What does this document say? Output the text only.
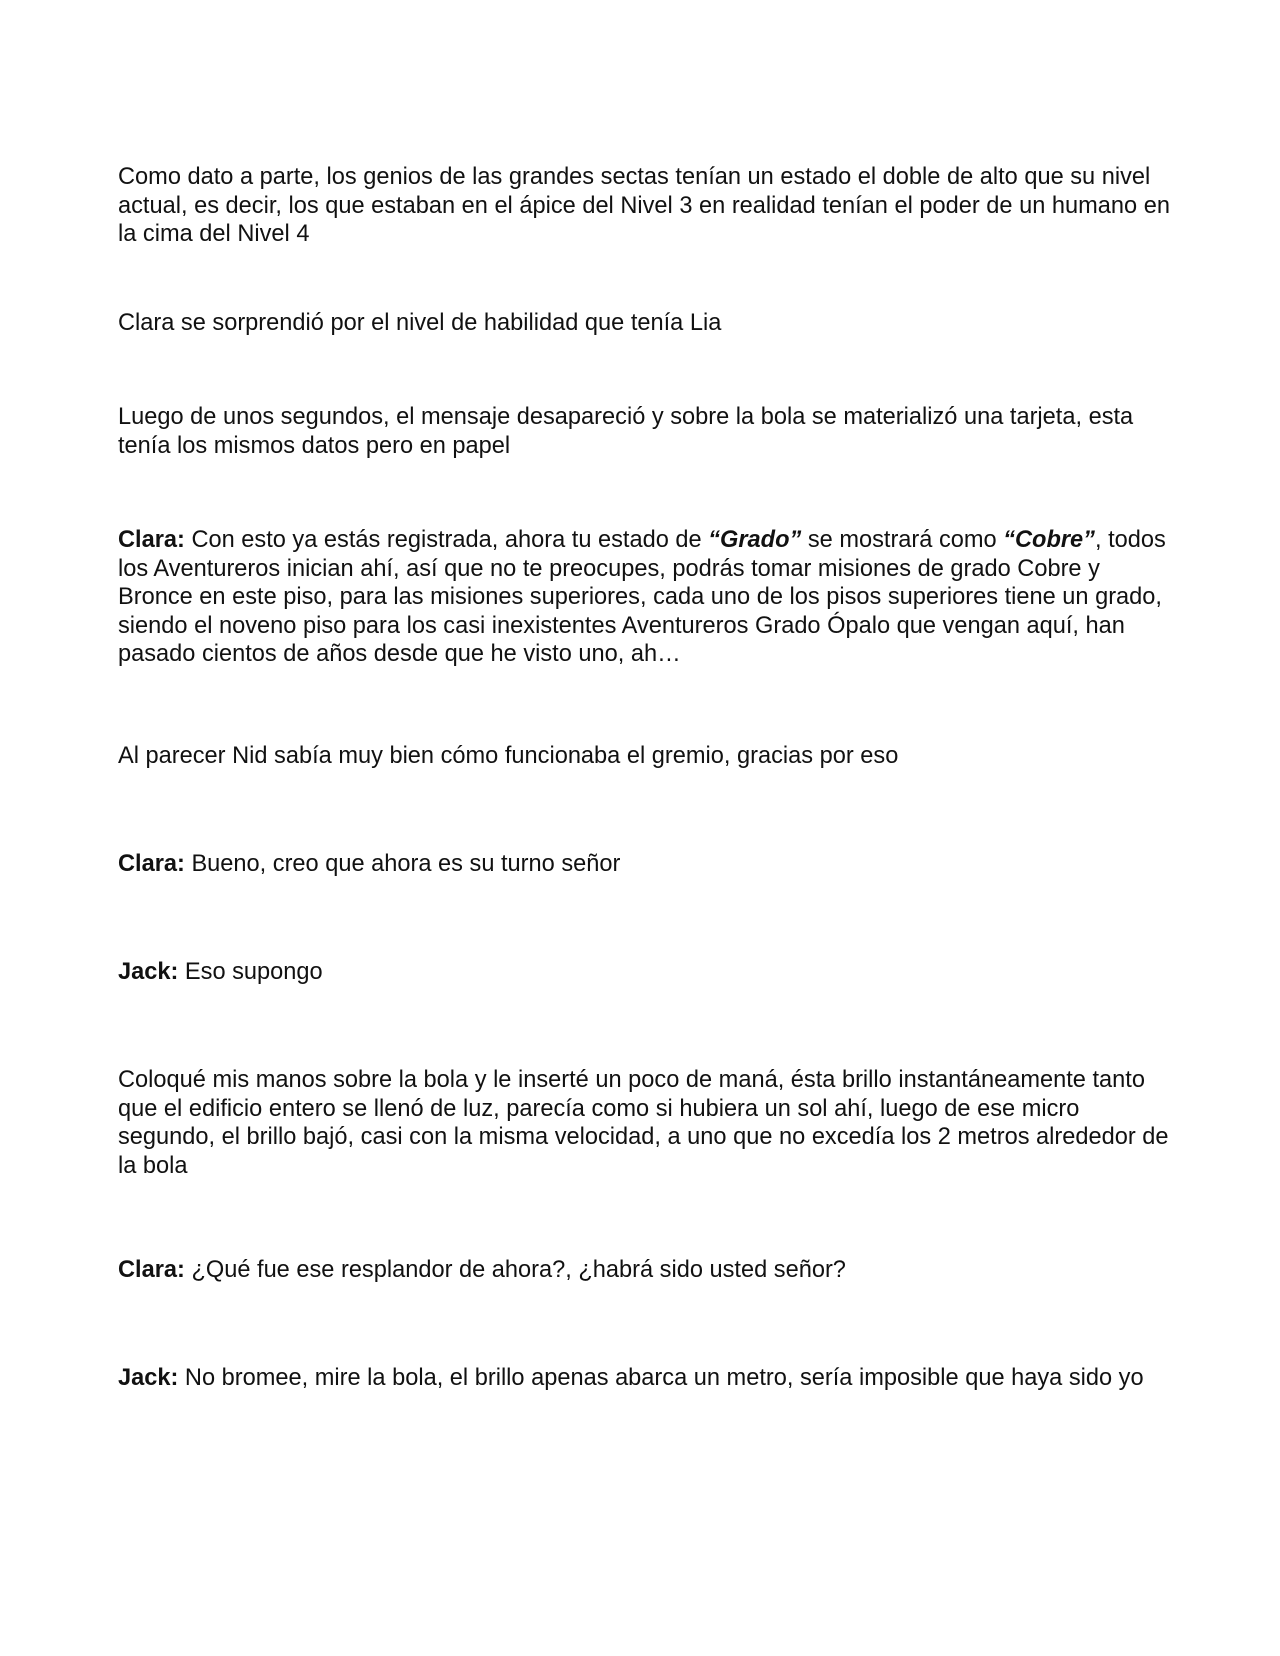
Como dato a parte, los genios de las grandes sectas tenían un estado el doble de alto que su nivel actual, es decir, los que estaban en el ápice del Nivel 3 en realidad tenían el poder de un humano en la cima del Nivel 4

Clara se sorprendió por el nivel de habilidad que tenía Lia

Luego de unos segundos, el mensaje desapareció y sobre la bola se materializó una tarjeta, esta tenía los mismos datos pero en papel

Clara: Con esto ya estás registrada, ahora tu estado de “Grado” se mostrará como “Cobre”, todos los Aventureros inician ahí, así que no te preocupes, podrás tomar misiones de grado Cobre y Bronce en este piso, para las misiones superiores, cada uno de los pisos superiores tiene un grado, siendo el noveno piso para los casi inexistentes Aventureros Grado Ópalo que vengan aquí, han pasado cientos de años desde que he visto uno, ah…

Al parecer Nid sabía muy bien cómo funcionaba el gremio, gracias por eso

Clara: Bueno, creo que ahora es su turno señor

Jack: Eso supongo

Coloqué mis manos sobre la bola y le inserté un poco de maná, ésta brillo instantáneamente tanto que el edificio entero se llenó de luz, parecía como si hubiera un sol ahí, luego de ese micro segundo, el brillo bajó, casi con la misma velocidad, a uno que no excedía los 2 metros alrededor de la bola

Clara: ¿Qué fue ese resplandor de ahora?, ¿habrá sido usted señor?

Jack: No bromee, mire la bola, el brillo apenas abarca un metro, sería imposible que haya sido yo
